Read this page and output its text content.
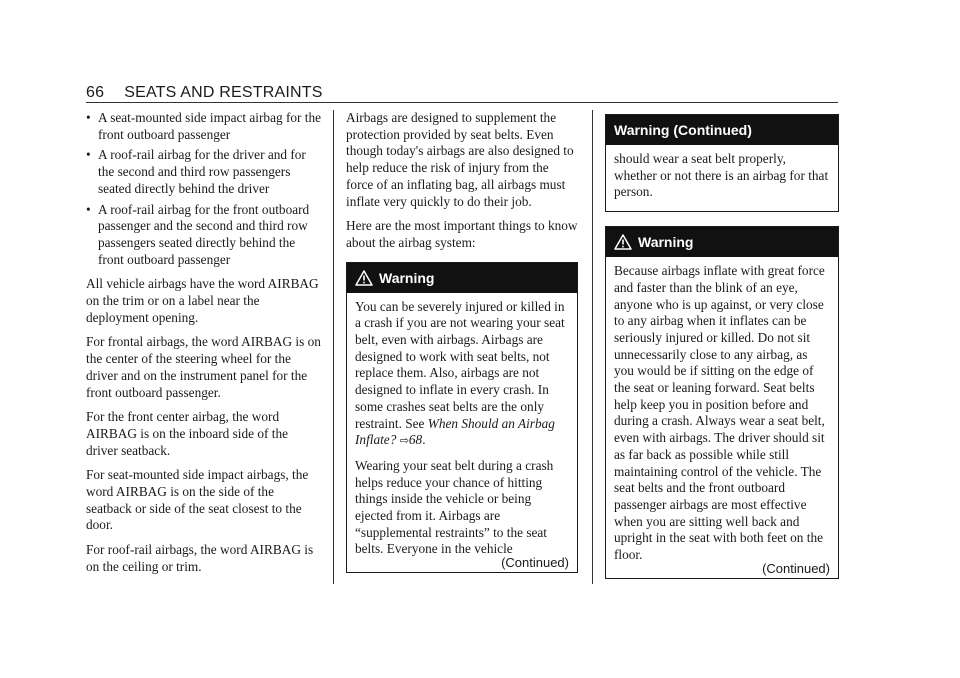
66 SEATS AND RESTRAINTS
• A seat-mounted side impact airbag for the front outboard passenger
• A roof-rail airbag for the driver and for the second and third row passengers seated directly behind the driver
• A roof-rail airbag for the front outboard passenger and the second and third row passengers seated directly behind the front outboard passenger

All vehicle airbags have the word AIRBAG on the trim or on a label near the deployment opening.

For frontal airbags, the word AIRBAG is on the center of the steering wheel for the driver and on the instrument panel for the front outboard passenger.

For the front center airbag, the word AIRBAG is on the inboard side of the driver seatback.

For seat-mounted side impact airbags, the word AIRBAG is on the side of the seatback or side of the seat closest to the door.

For roof-rail airbags, the word AIRBAG is on the ceiling or trim.

Airbags are designed to supplement the protection provided by seat belts. Even though today's airbags are also designed to help reduce the risk of injury from the force of an inflating bag, all airbags must inflate very quickly to do their job.

Here are the most important things to know about the airbag system:

Warning

You can be severely injured or killed in a crash if you are not wearing your seat belt, even with airbags. Airbags are designed to work with seat belts, not replace them. Also, airbags are not designed to inflate in every crash. In some crashes seat belts are the only restraint. See When Should an Airbag Inflate? ⇨68.

Wearing your seat belt during a crash helps reduce your chance of hitting things inside the vehicle or being ejected from it. Airbags are “supplemental restraints” to the seat belts. Everyone in the vehicle

(Continued)
Warning (Continued)

should wear a seat belt properly, whether or not there is an airbag for that person.

Warning

Because airbags inflate with great force and faster than the blink of an eye, anyone who is up against, or very close to any airbag when it inflates can be seriously injured or killed. Do not sit unnecessarily close to any airbag, as you would be if sitting on the edge of the seat or leaning forward. Seat belts help keep you in position before and during a crash. Always wear a seat belt, even with airbags. The driver should sit as far back as possible while still maintaining control of the vehicle. The seat belts and the front outboard passenger airbags are most effective when you are sitting well back and upright in the seat with both feet on the floor.

(Continued)
